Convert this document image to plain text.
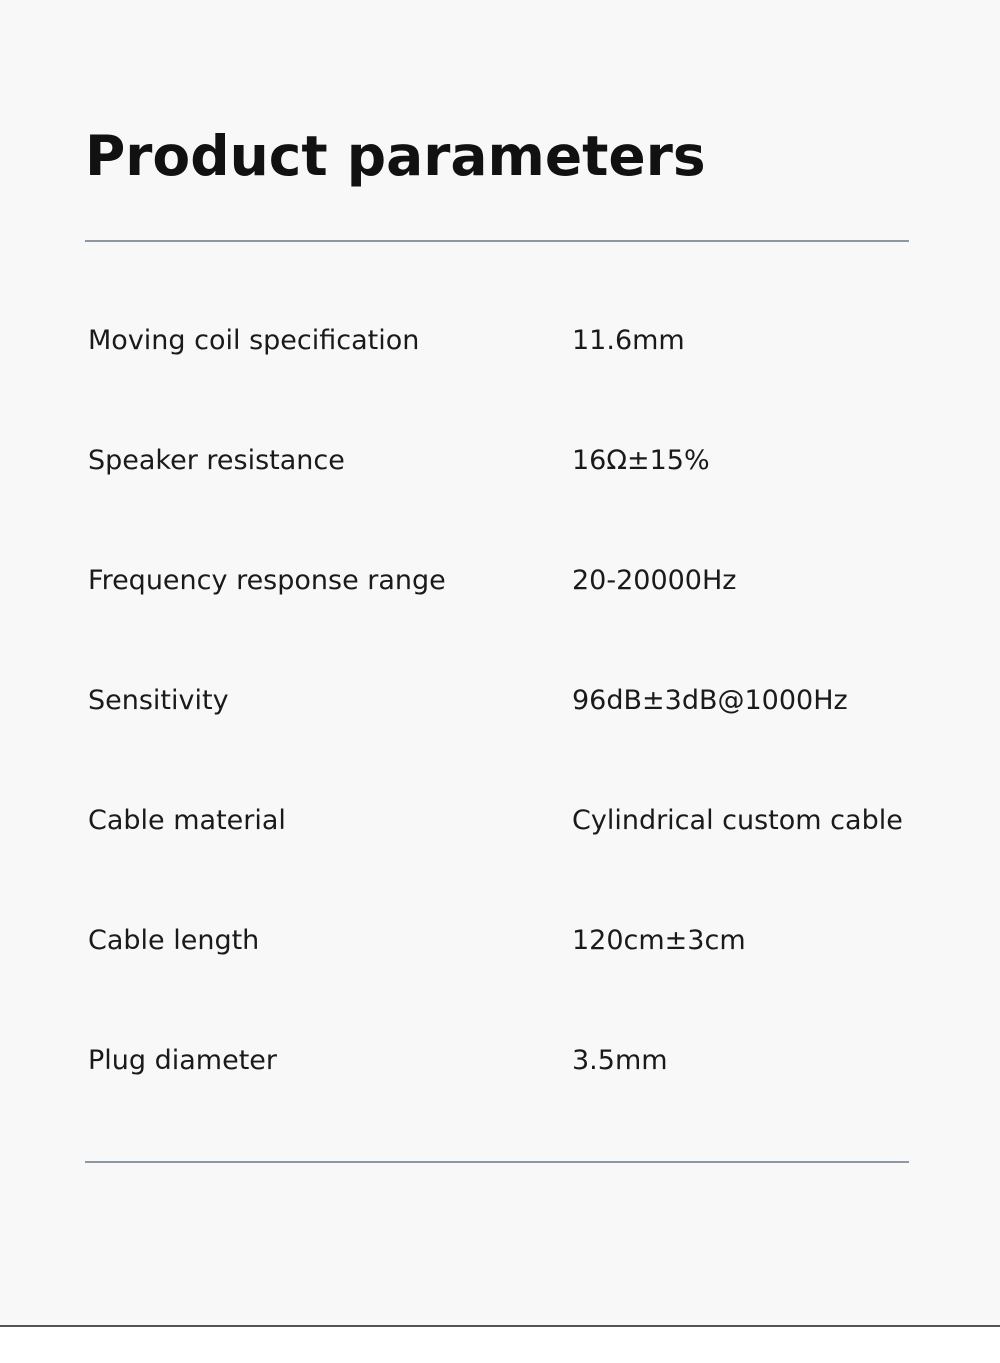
Product parameters
Moving coil specification	11.6mm
Speaker resistance	16Ω±15%
Frequency response range	20-20000Hz
Sensitivity	96dB±3dB@1000Hz
Cable material	Cylindrical custom cable
Cable length	120cm±3cm
Plug diameter	3.5mm
